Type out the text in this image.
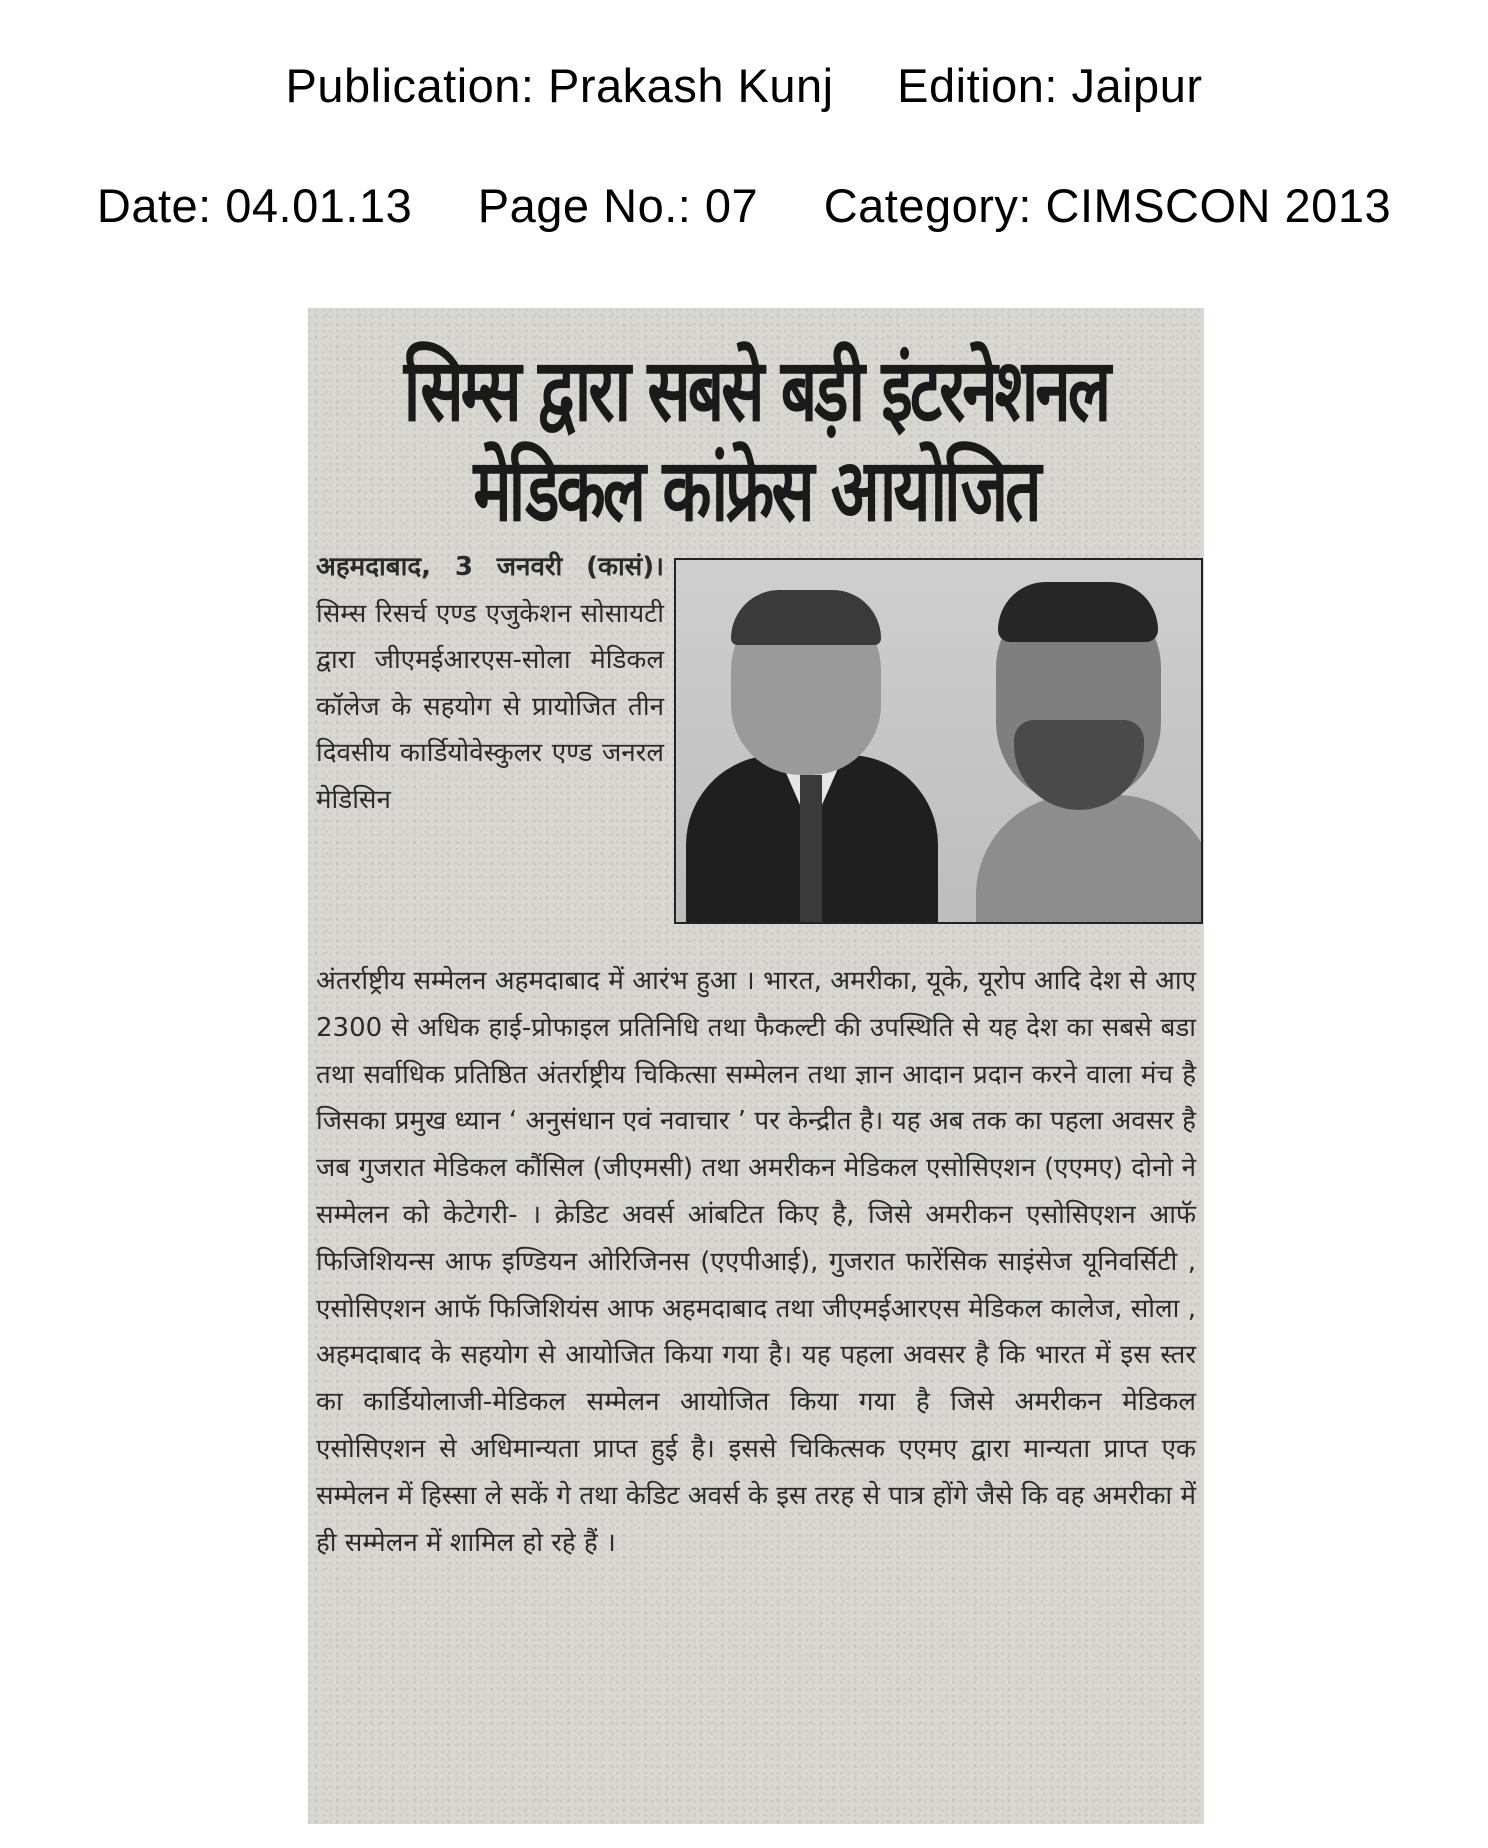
Publication: Prakash Kunj Edition: Jaipur
Date: 04.01.13 Page No.: 07 Category: CIMSCON 2013
सिम्स द्वारा सबसे बड़ी इंटरनेशनल
मेडिकल कांफ्रेस आयोजित
अहमदाबाद, 3 जनवरी (कासं)। सिम्स रिसर्च एण्ड एजुकेशन सोसायटी द्वारा जीएमईआरएस-सोला मेडिकल कॉलेज के सहयोग से प्रायोजित तीन दिवसीय कार्डियोवेस्कुलर एण्ड जनरल मेडिसिन
अंतर्राष्ट्रीय सम्मेलन अहमदाबाद में आरंभ हुआ । भारत, अमरीका, यूके, यूरोप आदि देश से आए 2300 से अधिक हाई-प्रोफाइल प्रतिनिधि तथा फैकल्टी की उपस्थिति से यह देश का सबसे बडा तथा सर्वाधिक प्रतिष्ठित अंतर्राष्ट्रीय चिकित्सा सम्मेलन तथा ज्ञान आदान प्रदान करने वाला मंच है जिसका प्रमुख ध्यान ‘ अनुसंधान एवं नवाचार ’ पर केन्द्रीत है। यह अब तक का पहला अवसर है जब गुजरात मेडिकल कौंसिल (जीएमसी) तथा अमरीकन मेडिकल एसोसिएशन (एएमए) दोनो ने सम्मेलन को केटेगरी- । क्रेडिट अवर्स आंबटित किए है, जिसे अमरीकन एसोसिएशन आफॅ फिजिशियन्स आफ इण्डियन ओरिजिनस (एएपीआई), गुजरात फारेंसिक साइंसेज यूनिवर्सिटी , एसोसिएशन आफॅ फिजिशियंस आफ अहमदाबाद तथा जीएमईआरएस मेडिकल कालेज, सोला , अहमदाबाद के सहयोग से आयोजित किया गया है। यह पहला अवसर है कि भारत में इस स्तर का कार्डियोलाजी-मेडिकल सम्मेलन आयोजित किया गया है जिसे अमरीकन मेडिकल एसोसिएशन से अधिमान्यता प्राप्त हुई है। इससे चिकित्सक एएमए द्वारा मान्यता प्राप्त एक सम्मेलन में हिस्सा ले सकें गे तथा केडिट अवर्स के इस तरह से पात्र होंगे जैसे कि वह अमरीका में ही सम्मेलन में शामिल हो रहे हैं ।
